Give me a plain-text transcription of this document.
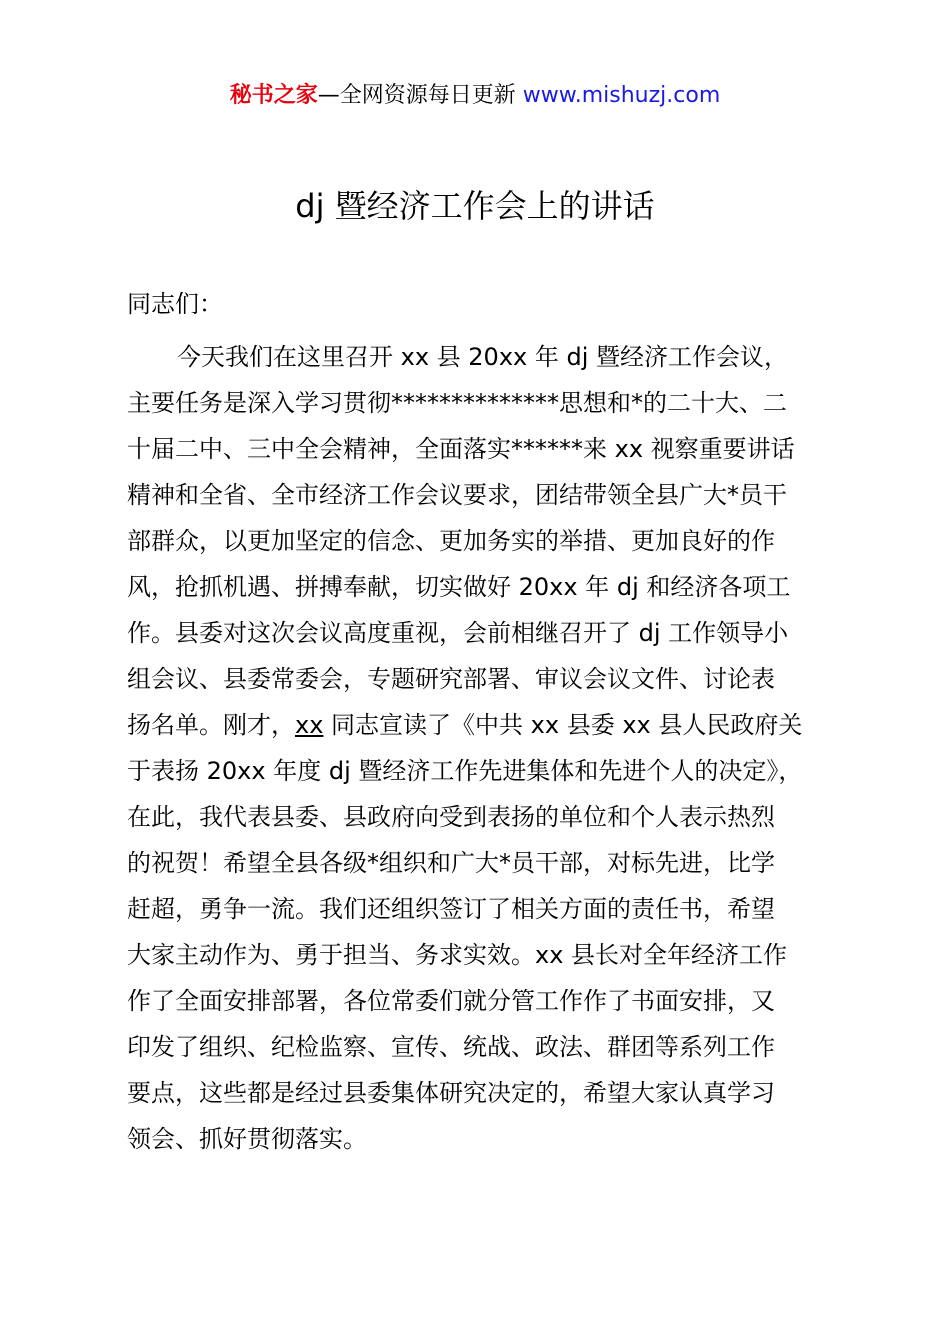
秘书之家—全网资源每日更新 www.mishuzj.com
dj 暨经济工作会上的讲话

同志们：

今天我们在这里召开 xx 县 20xx 年 dj 暨经济工作会议，
主要任务是深入学习贯彻**************思想和*的二十大、二
十届二中、三中全会精神，全面落实******来 xx 视察重要讲话
精神和全省、全市经济工作会议要求，团结带领全县广大*员干
部群众，以更加坚定的信念、更加务实的举措、更加良好的作
风，抢抓机遇、拼搏奉献，切实做好 20xx 年 dj 和经济各项工
作。县委对这次会议高度重视，会前相继召开了 dj 工作领导小
组会议、县委常委会，专题研究部署、审议会议文件、讨论表
扬名单。刚才，xx 同志宣读了《中共 xx 县委 xx 县人民政府关
于表扬 20xx 年度 dj 暨经济工作先进集体和先进个人的决定》，
在此，我代表县委、县政府向受到表扬的单位和个人表示热烈
的祝贺！希望全县各级*组织和广大*员干部，对标先进，比学
赶超，勇争一流。我们还组织签订了相关方面的责任书，希望
大家主动作为、勇于担当、务求实效。xx 县长对全年经济工作
作了全面安排部署，各位常委们就分管工作作了书面安排，又
印发了组织、纪检监察、宣传、统战、政法、群团等系列工作
要点，这些都是经过县委集体研究决定的，希望大家认真学习
领会、抓好贯彻落实。
